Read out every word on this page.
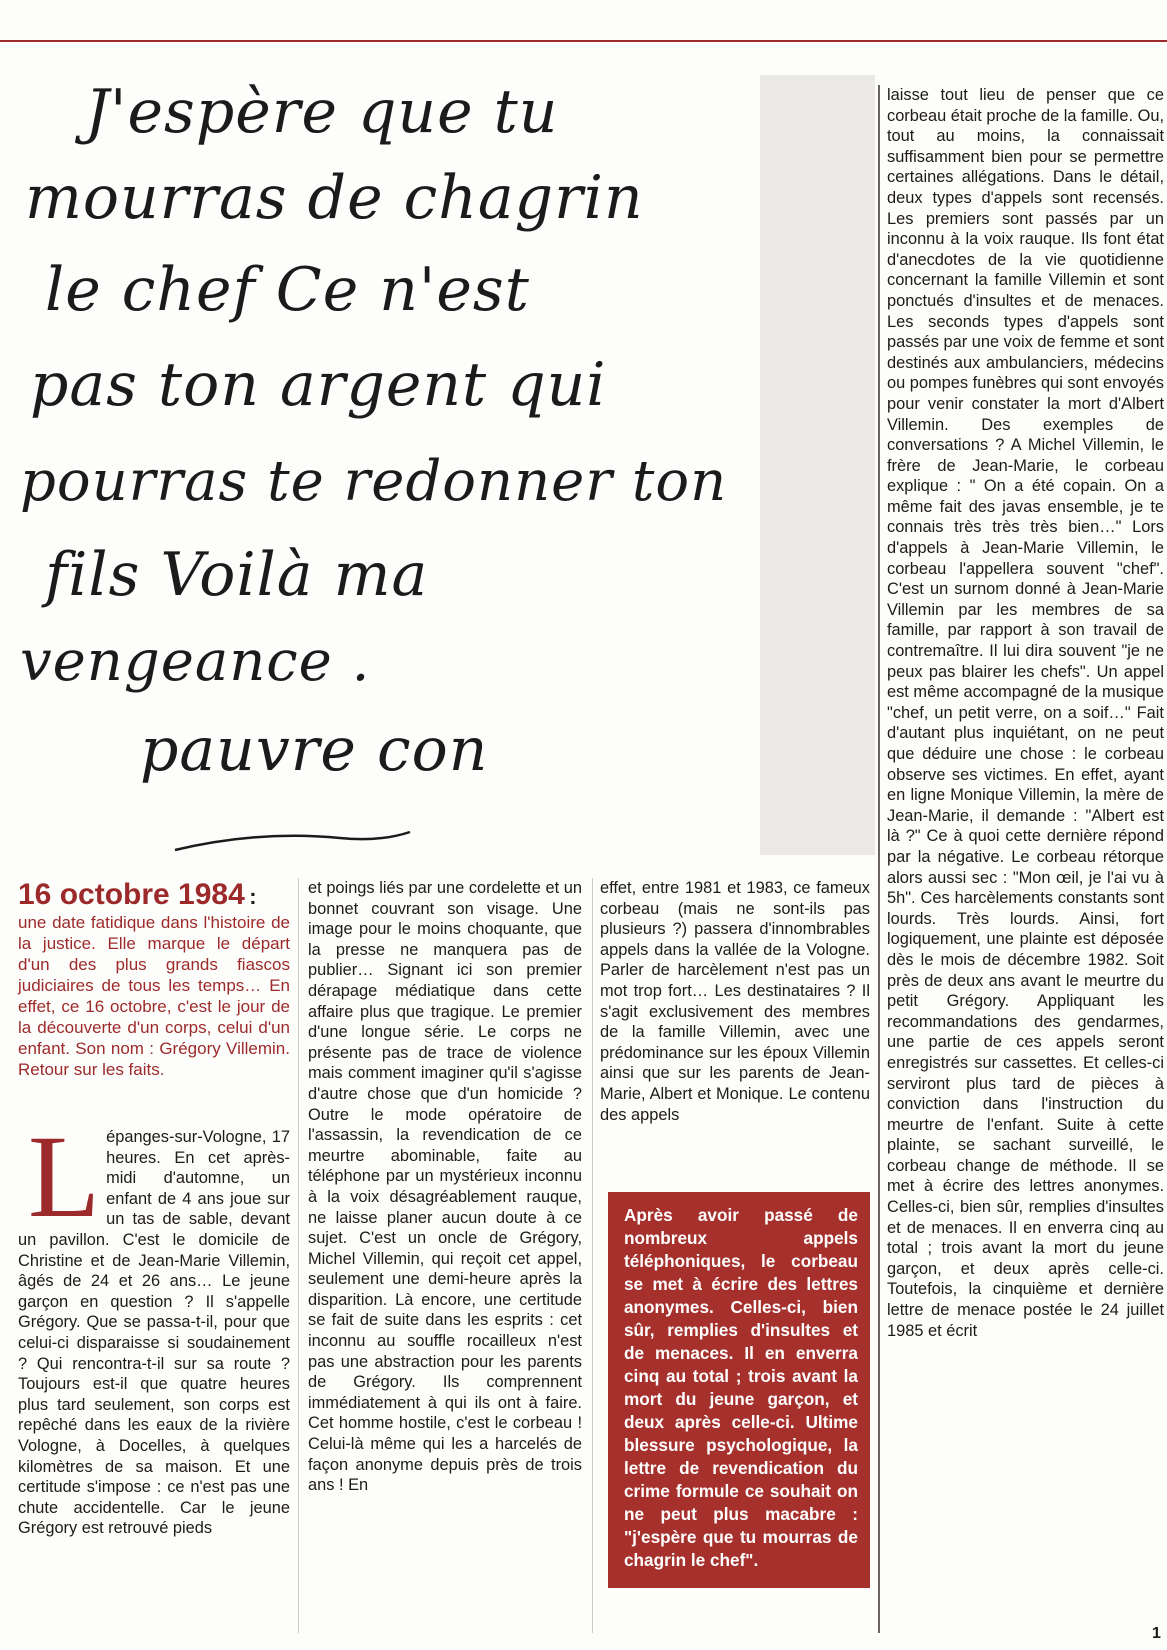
J'espère que tu
mourras de chagrin
le chef Ce n'est
pas ton argent qui
pourras te redonner ton
fils Voilà ma
vengeance .
pauvre con
16 octobre 1984 :

une date fatidique dans l'histoire de la justice. Elle marque le départ d'un des plus grands fiascos judiciaires de tous les temps… En effet, ce 16 octobre, c'est le jour de la découverte d'un corps, celui d'un enfant. Son nom : Grégory Villemin. Retour sur les faits.

L épanges-sur-Vologne, 17 heures. En cet après-midi d'automne, un enfant de 4 ans joue sur un tas de sable, devant un pavillon. C'est le domicile de Christine et de Jean-Marie Villemin, âgés de 24 et 26 ans… Le jeune garçon en question ? Il s'appelle Grégory. Que se passa-t-il, pour que celui-ci disparaisse si soudainement ? Qui rencontra-t-il sur sa route ? Toujours est-il que quatre heures plus tard seulement, son corps est repêché dans les eaux de la rivière Vologne, à Docelles, à quelques kilomètres de sa maison. Et une certitude s'impose : ce n'est pas une chute accidentelle. Car le jeune Grégory est retrouvé pieds

et poings liés par une cordelette et un bonnet couvrant son visage. Une image pour le moins choquante, que la presse ne manquera pas de publier… Signant ici son premier dérapage médiatique dans cette affaire plus que tragique. Le premier d'une longue série. Le corps ne présente pas de trace de violence mais comment imaginer qu'il s'agisse d'autre chose que d'un homicide ? Outre le mode opératoire de l'assassin, la revendication de ce meurtre abominable, faite au téléphone par un mystérieux inconnu à la voix désagréablement rauque, ne laisse planer aucun doute à ce sujet. C'est un oncle de Grégory, Michel Villemin, qui reçoit cet appel, seulement une demi-heure après la disparition. Là encore, une certitude se fait de suite dans les esprits : cet inconnu au souffle rocailleux n'est pas une abstraction pour les parents de Grégory. Ils comprennent immédiatement à qui ils ont à faire. Cet homme hostile, c'est le corbeau ! Celui-là même qui les a harcelés de façon anonyme depuis près de trois ans ! En

effet, entre 1981 et 1983, ce fameux corbeau (mais ne sont-ils pas plusieurs ?) passera d'innombrables appels dans la vallée de la Vologne. Parler de harcèlement n'est pas un mot trop fort… Les destinataires ? Il s'agit exclusivement des membres de la famille Villemin, avec une prédominance sur les époux Villemin ainsi que sur les parents de Jean-Marie, Albert et Monique. Le contenu des appels

Après avoir passé de nombreux appels téléphoniques, le corbeau se met à écrire des lettres anonymes. Celles-ci, bien sûr, remplies d'insultes et de menaces. Il en enverra cinq au total ; trois avant la mort du jeune garçon, et deux après celle-ci. Ultime blessure psychologique, la lettre de revendication du crime formule ce souhait on ne peut plus macabre : "j'espère que tu mourras de chagrin le chef".

laisse tout lieu de penser que ce corbeau était proche de la famille. Ou, tout au moins, la connaissait suffisamment bien pour se permettre certaines allégations. Dans le détail, deux types d'appels sont recensés. Les premiers sont passés par un inconnu à la voix rauque. Ils font état d'anecdotes de la vie quotidienne concernant la famille Villemin et sont ponctués d'insultes et de menaces. Les seconds types d'appels sont passés par une voix de femme et sont destinés aux ambulanciers, médecins ou pompes funèbres qui sont envoyés pour venir constater la mort d'Albert Villemin. Des exemples de conversations ? A Michel Villemin, le frère de Jean-Marie, le corbeau explique : " On a été copain. On a même fait des javas ensemble, je te connais très très très bien…" Lors d'appels à Jean-Marie Villemin, le corbeau l'appellera souvent "chef". C'est un surnom donné à Jean-Marie Villemin par les membres de sa famille, par rapport à son travail de contremaître. Il lui dira souvent "je ne peux pas blairer les chefs". Un appel est même accompagné de la musique "chef, un petit verre, on a soif…" Fait d'autant plus inquiétant, on ne peut que déduire une chose : le corbeau observe ses victimes. En effet, ayant en ligne Monique Villemin, la mère de Jean-Marie, il demande : "Albert est là ?" Ce à quoi cette dernière répond par la négative. Le corbeau rétorque alors aussi sec : "Mon œil, je l'ai vu à 5h". Ces harcèlements constants sont lourds. Très lourds. Ainsi, fort logiquement, une plainte est déposée dès le mois de décembre 1982. Soit près de deux ans avant le meurtre du petit Grégory. Appliquant les recommandations des gendarmes, une partie de ces appels seront enregistrés sur cassettes. Et celles-ci serviront plus tard de pièces à conviction dans l'instruction du meurtre de l'enfant. Suite à cette plainte, se sachant surveillé, le corbeau change de méthode. Il se met à écrire des lettres anonymes. Celles-ci, bien sûr, remplies d'insultes et de menaces. Il en enverra cinq au total ; trois avant la mort du jeune garçon, et deux après celle-ci. Toutefois, la cinquième et dernière lettre de menace postée le 24 juillet 1985 et écrit

1
